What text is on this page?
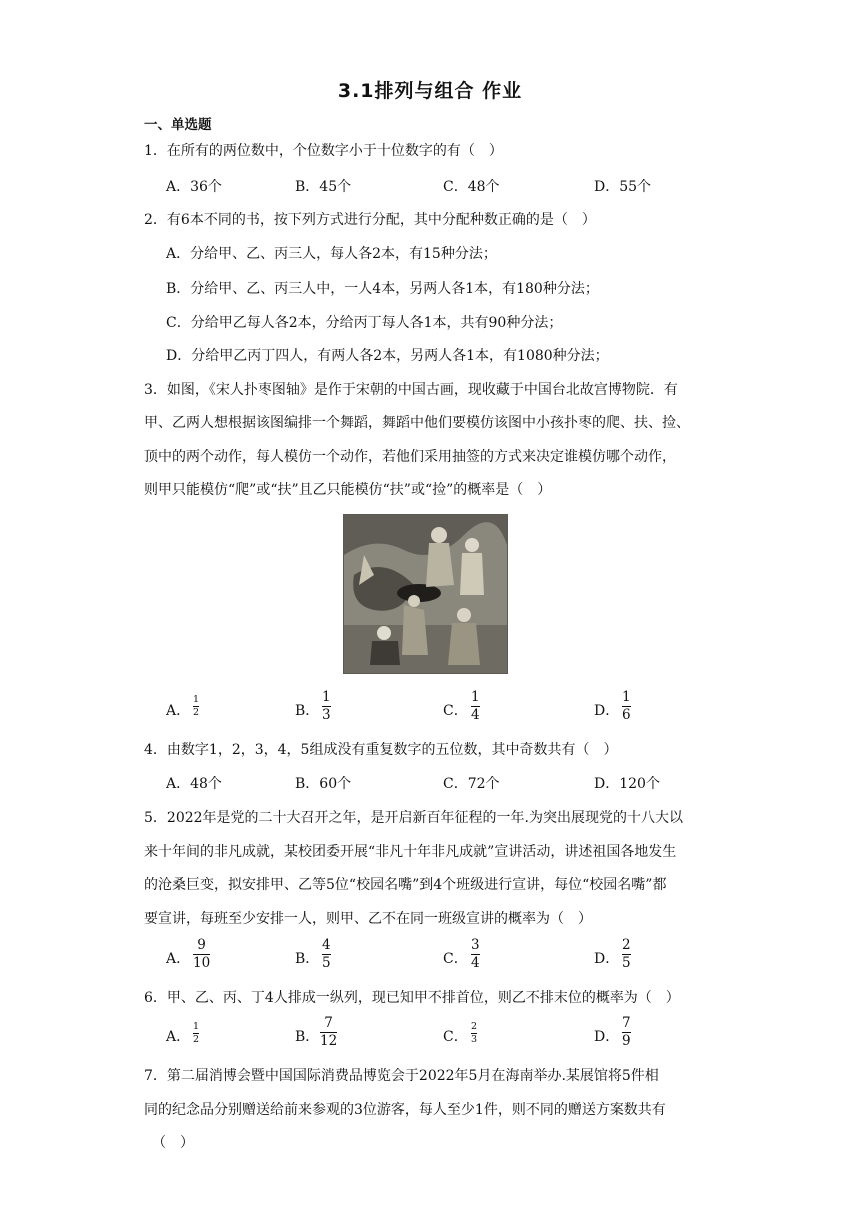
3.1排列与组合 作业
一、单选题
1．在所有的两位数中，个位数字小于十位数字的有（　）
A．36个	B．45个	C．48个	D．55个
2．有6本不同的书，按下列方式进行分配，其中分配种数正确的是（　）
A．分给甲、乙、丙三人，每人各2本，有15种分法；
B．分给甲、乙、丙三人中，一人4本，另两人各1本，有180种分法；
C．分给甲乙每人各2本，分给丙丁每人各1本，共有90种分法；
D．分给甲乙丙丁四人，有两人各2本，另两人各1本，有1080种分法；
3．如图，《宋人扑枣图轴》是作于宋朝的中国古画，现收藏于中国台北故宫博物院．有
甲、乙两人想根据该图编排一个舞蹈，舞蹈中他们要模仿该图中小孩扑枣的爬、扶、捡、
顶中的两个动作，每人模仿一个动作，若他们采用抽签的方式来决定谁模仿哪个动作，
则甲只能模仿“爬”或“扶”且乙只能模仿“扶”或“捡”的概率是（　）
A．
1
2	B．
1
3	C．
1
4	D．
1
6
4．由数字1，2，3，4，5组成没有重复数字的五位数，其中奇数共有（　）
A．48个	B．60个	C．72个	D．120个
5．2022年是党的二十大召开之年，是开启新百年征程的一年.为突出展现党的十八大以
来十年间的非凡成就，某校团委开展“非凡十年非凡成就”宣讲活动，讲述祖国各地发生
的沧桑巨变，拟安排甲、乙等5位“校园名嘴”到4个班级进行宣讲，每位“校园名嘴”都
要宣讲，每班至少安排一人，则甲、乙不在同一班级宣讲的概率为（　）
A．
9
10	B．
4
5	C．
3
4	D．
2
5
6．甲、乙、丙、丁4人排成一纵列，现已知甲不排首位，则乙不排末位的概率为（　）
A．
1
2	B．
7
12	C．
2
3	D．
7
9
7．第二届消博会暨中国国际消费品博览会于2022年5月在海南举办.某展馆将5件相
同的纪念品分别赠送给前来参观的3位游客，每人至少1件，则不同的赠送方案数共有
（　）
